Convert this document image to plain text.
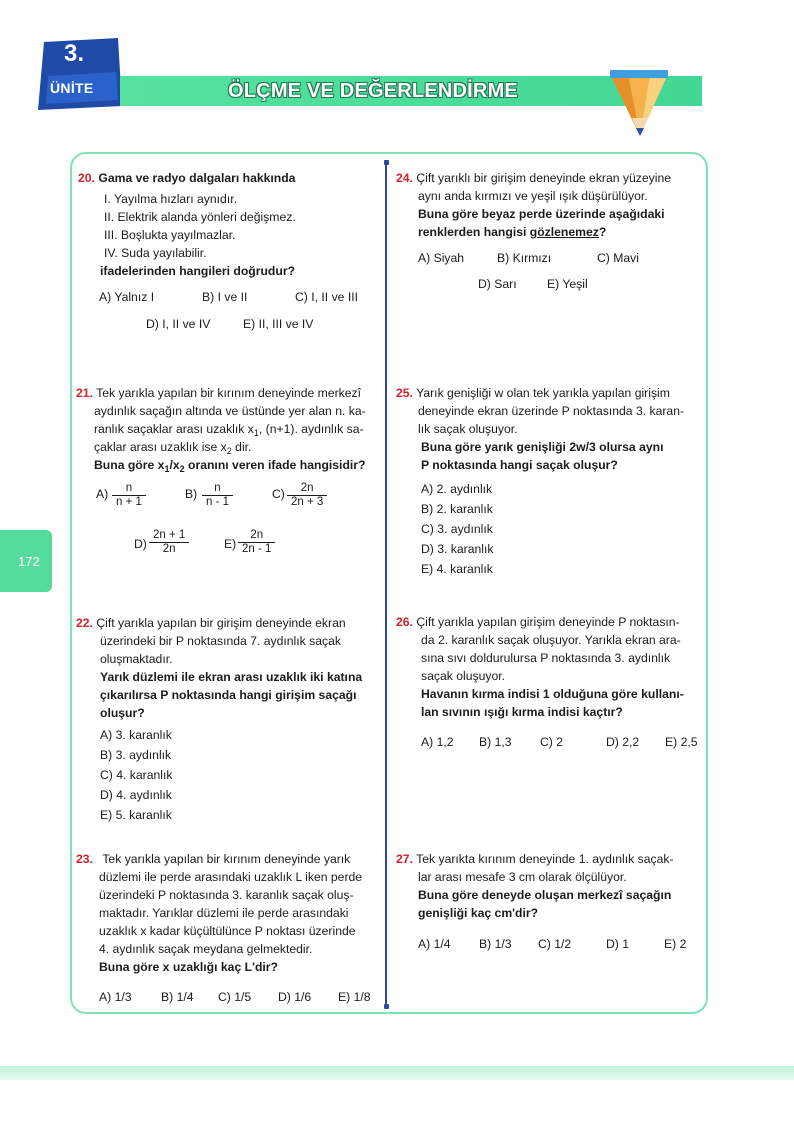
3.
ÜNİTE	ÖLÇME VE DEĞERLENDİRME
172
20. Gama ve radyo dalgaları hakkında
I. Yayılma hızları aynıdır.
II. Elektrik alanda yönleri değişmez.
III. Boşlukta yayılmazlar.
IV. Suda yayılabilir.
ifadelerinden hangileri doğrudur?
A) Yalnız I	B) I ve II	C) I, II ve III
D) I, II ve IV	E) II, III ve IV
21. Tek yarıkla yapılan bir kırınım deneyinde merkezî
aydınlık saçağın altında ve üstünde yer alan n. ka-
ranlık saçaklar arası uzaklık $x_1$, (n+1). aydınlık sa-
çaklar arası uzaklık ise $x_2$ dir.
Buna göre $x_1/x_2$ oranını veren ifade hangisidir?
$A) \frac{n}{n + 1}$	$B) \frac{n}{n - 1}$	$C) \frac{2n}{2n + 3}$
$D) \frac{2n + 1}{2n}$	$E) \frac{2n}{2n - 1}$
22. Çift yarıkla yapılan bir girişim deneyinde ekran
üzerindeki bir P noktasında 7. aydınlık saçak
oluşmaktadır.
Yarık düzlemi ile ekran arası uzaklık iki katına
çıkarılırsa P noktasında hangi girişim saçağı
oluşur?
A) 3. karanlık
B) 3. aydınlık
C) 4. karanlık
D) 4. aydınlık
E) 5. karanlık
23. Tek yarıkla yapılan bir kırınım deneyinde yarık
düzlemi ile perde arasındaki uzaklık L iken perde
üzerindeki P noktasında 3. karanlık saçak oluş-
maktadır. Yarıklar düzlemi ile perde arasındaki
uzaklık x kadar küçültülünce P noktası üzerinde
4. aydınlık saçak meydana gelmektedir.
Buna göre x uzaklığı kaç L'dir?
A) 1/3 B) 1/4 C) 1/5 D) 1/6 E) 1/8
24. Çift yarıklı bir girişim deneyinde ekran yüzeyine
aynı anda kırmızı ve yeşil ışık düşürülüyor.
Buna göre beyaz perde üzerinde aşağıdaki
renklerden hangisi gözlenemez?
A) Siyah	B) Kırmızı	C) Mavi
D) Sarı E) Yeşil
25. Yarık genişliği w olan tek yarıkla yapılan girişim
deneyinde ekran üzerinde P noktasında 3. karan-
lık saçak oluşuyor.
Buna göre yarık genişliği 2w/3 olursa aynı
P noktasında hangi saçak oluşur?
A) 2. aydınlık
B) 2. karanlık
C) 3. aydınlık
D) 3. karanlık
E) 4. karanlık
26. Çift yarıkla yapılan girişim deneyinde P noktasın-
da 2. karanlık saçak oluşuyor. Yarıkla ekran ara-
sına sıvı doldurulursa P noktasında 3. aydınlık
saçak oluşuyor.
Havanın kırma indisi 1 olduğuna göre kullanı-
lan sıvının ışığı kırma indisi kaçtır?
A) 1,2 B) 1,3 C) 2	D) 2,2 E) 2,5
27. Tek yarıkta kırınım deneyinde 1. aydınlık saçak-
lar arası mesafe 3 cm olarak ölçülüyor.
Buna göre deneyde oluşan merkezî saçağın
genişliği kaç cm'dir?
A) 1/4 B) 1/3 C) 1/2	D) 1	E) 2
